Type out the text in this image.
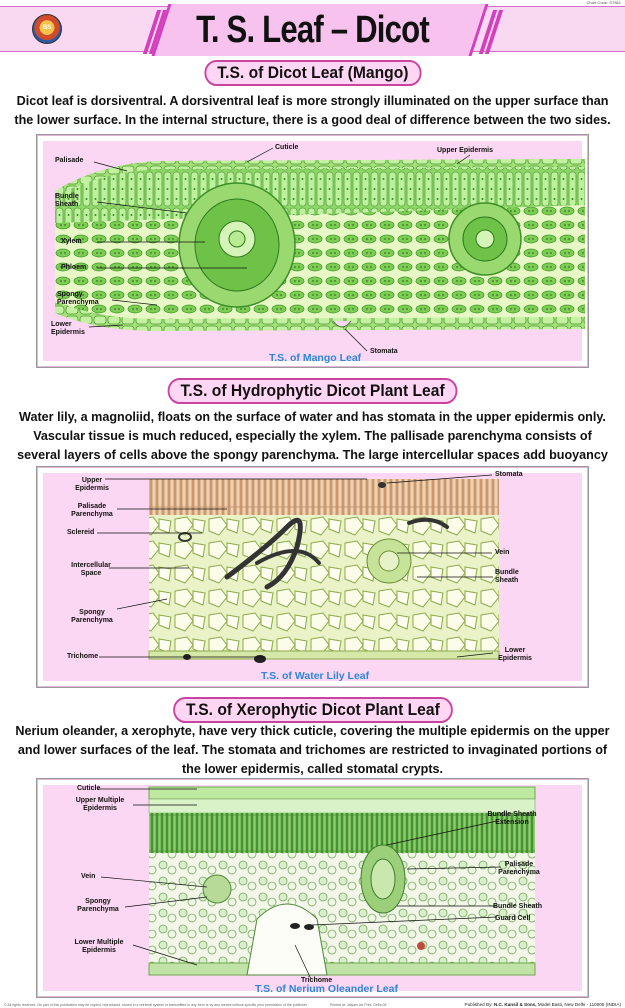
Chart Code: ST861
BS	T. S. Leaf – Dicot
T.S. of Dicot Leaf (Mango)
Dicot leaf is dorsiventral. A dorsiventral leaf is more strongly illuminated on the upper surface than the lower surface. In the internal structure, there is a good deal of difference between the two sides.
Palisade
Bundle Sheath
Xylem
Phloem
Spongy Parenchyma
Lower Epidermis
Cuticle	Upper Epidermis
Stomata
T.S. of Mango Leaf
T.S. of Hydrophytic Dicot Plant Leaf
Water lily, a magnoliid, floats on the surface of water and has stomata in the upper epidermis only. Vascular tissue is much reduced, especially the xylem. The pallisade parenchyma consists of several layers of cells above the spongy parenchyma. The large intercellular spaces add buoyancy
Upper Epidermis
Palisade Parenchyma
Sclereid
Intercellular Space
Spongy Parenchyma
Trichome
Stomata
Vein
Bundle Sheath
Lower Epidermis
T.S. of Water Lily Leaf
T.S. of Xerophytic Dicot Plant Leaf
Nerium oleander, a xerophyte, have very thick cuticle, covering the multiple epidermis on the upper and lower surfaces of the leaf. The stomata and trichomes are restricted to invaginated portions of the lower epidermis, called stomatal crypts.
Cuticle
Upper Multiple Epidermis
Vein
Spongy Parenchyma
Lower Multiple Epidermis
Trichome
Bundle Sheath Extension
Palisade Parenchyma
Bundle Sheath
Guard Cell
T.S. of Nerium Oleander Leaf
© All rights reserved. No part of this publication may be copied, reproduced, stored in a retrieval system or transmitted in any form or by any means without specific prior permission of the publisher.	Printed at: Jaiyam Art Print, Delhi-06	Published By: N.C. Kansil & Sons, Model Basti, New Delhi - 110005 (INDIA)
